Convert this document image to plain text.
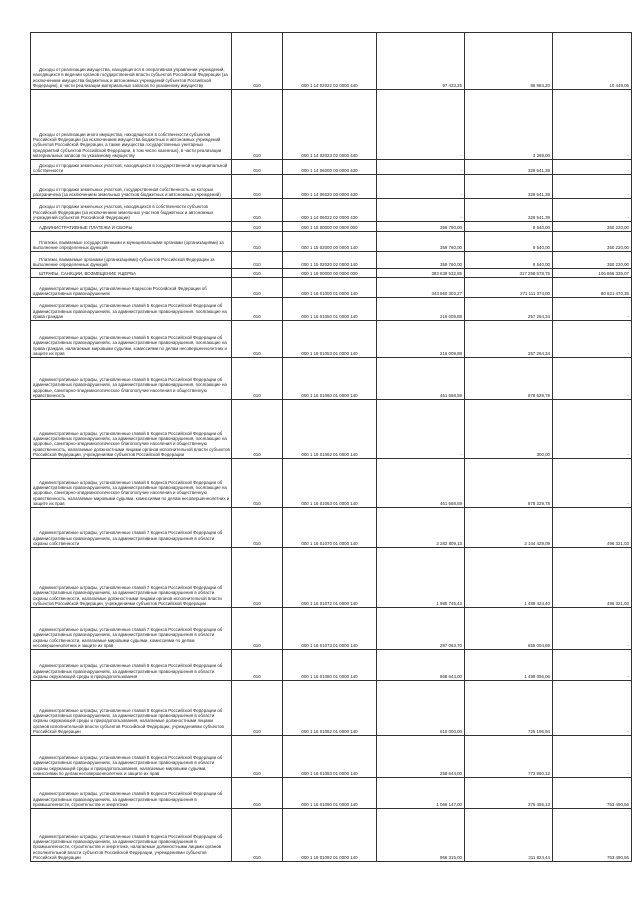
Доходы от реализации имущества, находящегося в оперативном управлении учреждений, находящихся в ведении органов государственной власти субъектов Российской Федерации (за исключением имущества бюджетных и автономных учреждений субъектов Российской Федерации), в части реализации материальных запасов по указанному имуществу	010	000 1 14 02022 02 0000 440	97 433,25	86 984,20	10 449,05
Доходы от реализации иного имущества, находящегося в собственности субъектов Российской Федерации (за исключением имущества бюджетных и автономных учреждений субъектов Российской Федерации, а также имущества государственных унитарных предприятий субъектов Российской Федерации, в том числе казенных), в части реализации материальных запасов по указанному имуществу	010	000 1 14 02023 02 0000 440	-	3 269,00	-
Доходы от продажи земельных участков, находящихся в государственной и муниципальной собственности	010	000 1 14 06000 00 0000 430	-	329 541,39	-
Доходы от продажи земельных участков, государственная собственность на которые разграничена (за исключением земельных участков бюджетных и автономных учреждений)	010	000 1 14 06020 00 0000 430	-	329 541,39	-
Доходы от продажи земельных участков, находящихся в собственности субъектов Российской Федерации (за исключением земельных участков бюджетных и автономных учреждений субъектов Российской Федерации)	010	000 1 14 06022 02 0000 430	-	329 541,39	-
АДМИНИСТРАТИВНЫЕ ПЛАТЕЖИ И СБОРЫ	010	000 1 15 00000 00 0000 000	359 760,00	9 540,00	350 220,00
Платежи, взимаемые государственными и муниципальными органами (организациями) за выполнение определенных функций	010	000 1 15 02000 00 0000 140	359 760,00	9 540,00	350 220,00
Платежи, взимаемые органами (организациями) субъектов Российской Федерации за выполнение определенных функций	010	000 1 15 02020 02 0000 140	359 760,00	9 540,00	350 220,00
ШТРАФЫ, САНКЦИИ, ВОЗМЕЩЕНИЕ УЩЕРБА	010	000 1 16 00000 00 0000 000	383 639 532,85	317 258 578,75	106 866 335,07
Административные штрафы, установленные Кодексом Российской Федерации об административных правонарушениях	010	000 1 16 01000 01 0000 140	343 660 303,27	271 111 374,00	80 821 470,35
Административные штрафы, установленные главой 5 Кодекса Российской Федерации об административных правонарушениях, за административные правонарушения, посягающие на права граждан	010	000 1 16 01050 01 0000 140	216 009,88	257 264,34	-
Административные штрафы, установленные главой 5 Кодекса Российской Федерации об административных правонарушениях, за административные правонарушения, посягающие на права граждан, налагаемые мировыми судьями, комиссиями по делам несовершеннолетних и защите их прав	010	000 1 16 01053 01 0000 140	216 009,88	257 264,34	-
Административные штрафы, установленные главой 6 Кодекса Российской Федерации об административных правонарушениях, за административные правонарушения, посягающие на здоровье, санитарно-эпидемиологическое благополучие населения и общественную нравственность	010	000 1 16 01060 01 0000 140	461 668,59	878 629,78	-
Административные штрафы, установленные главой 6 Кодекса Российской Федерации об административных правонарушениях, за административные правонарушения, посягающие на здоровье, санитарно-эпидемиологическое благополучие населения и общественную нравственность, налагаемые должностными лицами органов исполнительной власти субъектов Российской Федерации, учреждениями субъектов Российской Федерации	010	000 1 16 01062 01 0000 140	-	300,00	-
Административные штрафы, установленные главой 6 Кодекса Российской Федерации об административных правонарушениях, за административные правонарушения, посягающие на здоровье, санитарно-эпидемиологическое благополучие населения и общественную нравственность, налагаемые мировыми судьями, комиссиями по делам несовершеннолетних и защите их прав	010	000 1 16 01063 01 0000 140	461 668,59	878 329,78	-
Административные штрафы, установленные главой 7 Кодекса Российской Федерации об административных правонарушениях, за административные правонарушения в области охраны собственности	010	000 1 16 01070 01 0000 140	2 282 809,13	2 144 429,09	496 321,03
Административные штрафы, установленные главой 7 Кодекса Российской Федерации об административных правонарушениях, за административные правонарушения в области охраны собственности, налагаемые должностными лицами органов исполнительной власти субъектов Российской Федерации, учреждениями субъектов Российской Федерации	010	000 1 16 01072 01 0000 140	1 985 745,43	1 489 424,40	496 321,03
Административные штрафы, установленные главой 7 Кодекса Российской Федерации об административных правонарушениях, за административные правонарушения в области охраны собственности, налагаемые мировыми судьями, комиссиями по делам несовершеннолетних и защите их прав	010	000 1 16 01073 01 0000 140	297 063,70	655 004,69	-
Административные штрафы, установленные главой 8 Кодекса Российской Федерации об административных правонарушениях, за административные правонарушения в области охраны окружающей среды и природопользования	010	000 1 16 01080 01 0000 140	868 644,00	1 499 056,06	-
Административные штрафы, установленные главой 8 Кодекса Российской Федерации об административных правонарушениях, за административные правонарушения в области охраны окружающей среды и природопользования, налагаемые должностными лицами органов исполнительной власти субъектов Российской Федерации, учреждениями субъектов Российской Федерации	010	000 1 16 01082 01 0000 140	610 000,00	725 195,94	-
Административные штрафы, установленные главой 8 Кодекса Российской Федерации об административных правонарушениях, за административные правонарушения в области охраны окружающей среды и природопользования, налагаемые мировыми судьями, комиссиями по делам несовершеннолетних и защите их прав	010	000 1 16 01083 01 0000 140	258 644,00	773 860,12	-
Административные штрафы, установленные главой 9 Кодекса Российской Федерации об административных правонарушениях, за административные правонарушения в промышленности, строительстве и энергетике	010	000 1 16 01090 01 0000 140	1 066 147,00	375 455,13	753 490,56
Административные штрафы, установленные главой 9 Кодекса Российской Федерации об административных правонарушениях, за административные правонарушения в промышленности, строительстве и энергетике, налагаемые должностными лицами органов исполнительной власти субъектов Российской Федерации, учреждениями субъектов Российской Федерации	010	000 1 16 01092 01 0000 140	966 315,00	211 824,44	753 490,56
